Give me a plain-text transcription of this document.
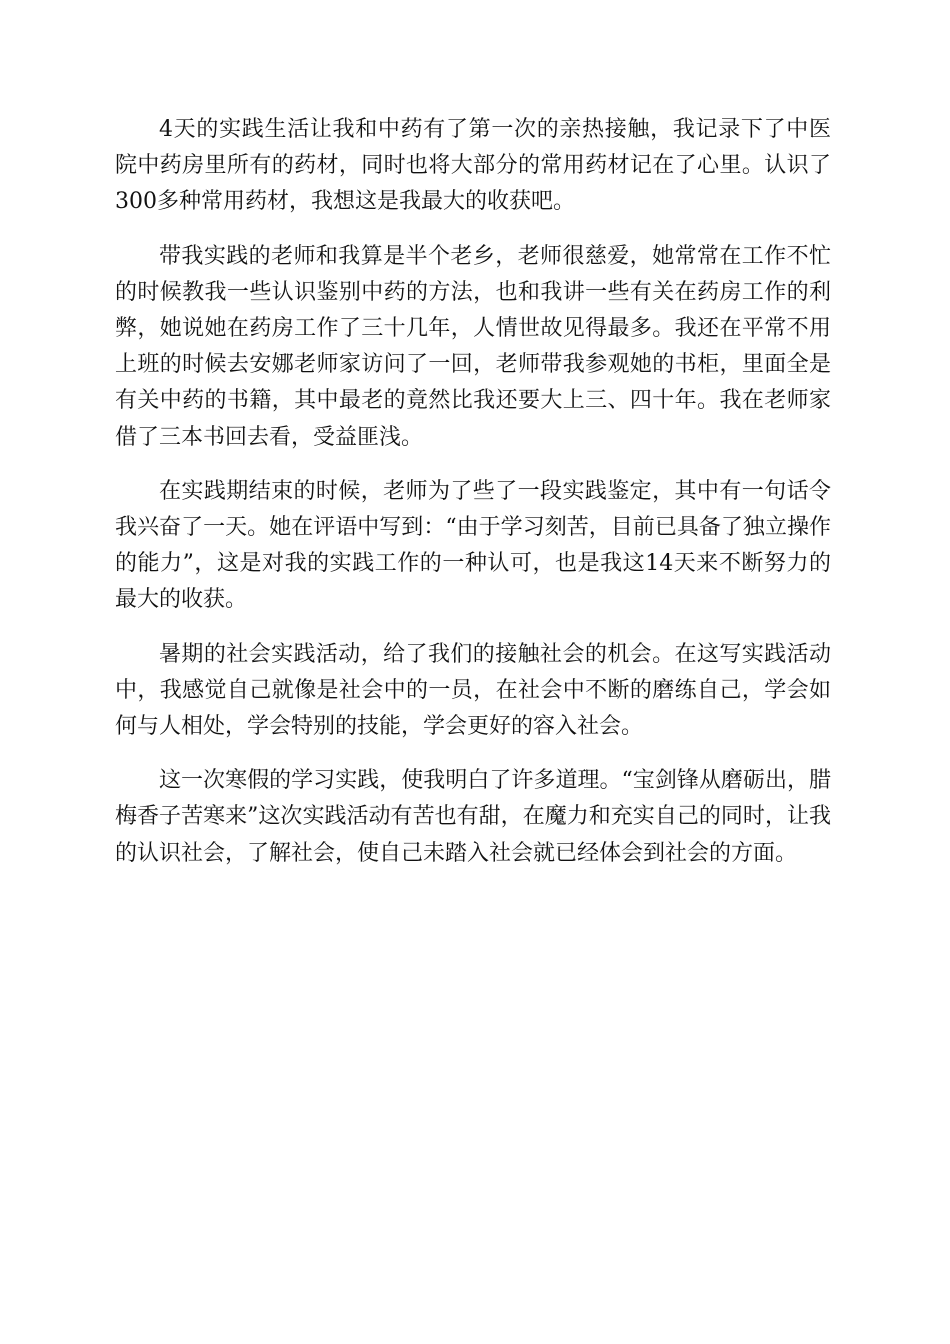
4天的实践生活让我和中药有了第一次的亲热接触，我记录下了中医院中药房里所有的药材，同时也将大部分的常用药材记在了心里。认识了300多种常用药材，我想这是我最大的收获吧。

带我实践的老师和我算是半个老乡，老师很慈爱，她常常在工作不忙的时候教我一些认识鉴别中药的方法，也和我讲一些有关在药房工作的利弊，她说她在药房工作了三十几年，人情世故见得最多。我还在平常不用上班的时候去安娜老师家访问了一回，老师带我参观她的书柜，里面全是有关中药的书籍，其中最老的竟然比我还要大上三、四十年。我在老师家借了三本书回去看，受益匪浅。

在实践期结束的时候，老师为了些了一段实践鉴定，其中有一句话令我兴奋了一天。她在评语中写到：“由于学习刻苦，目前已具备了独立操作的能力”，这是对我的实践工作的一种认可，也是我这14天来不断努力的最大的收获。

暑期的社会实践活动，给了我们的接触社会的机会。在这写实践活动中，我感觉自己就像是社会中的一员，在社会中不断的磨练自己，学会如何与人相处，学会特别的技能，学会更好的容入社会。

这一次寒假的学习实践，使我明白了许多道理。“宝剑锋从磨砺出，腊梅香子苦寒来”这次实践活动有苦也有甜，在魔力和充实自己的同时，让我的认识社会，了解社会，使自己未踏入社会就已经体会到社会的方面。
